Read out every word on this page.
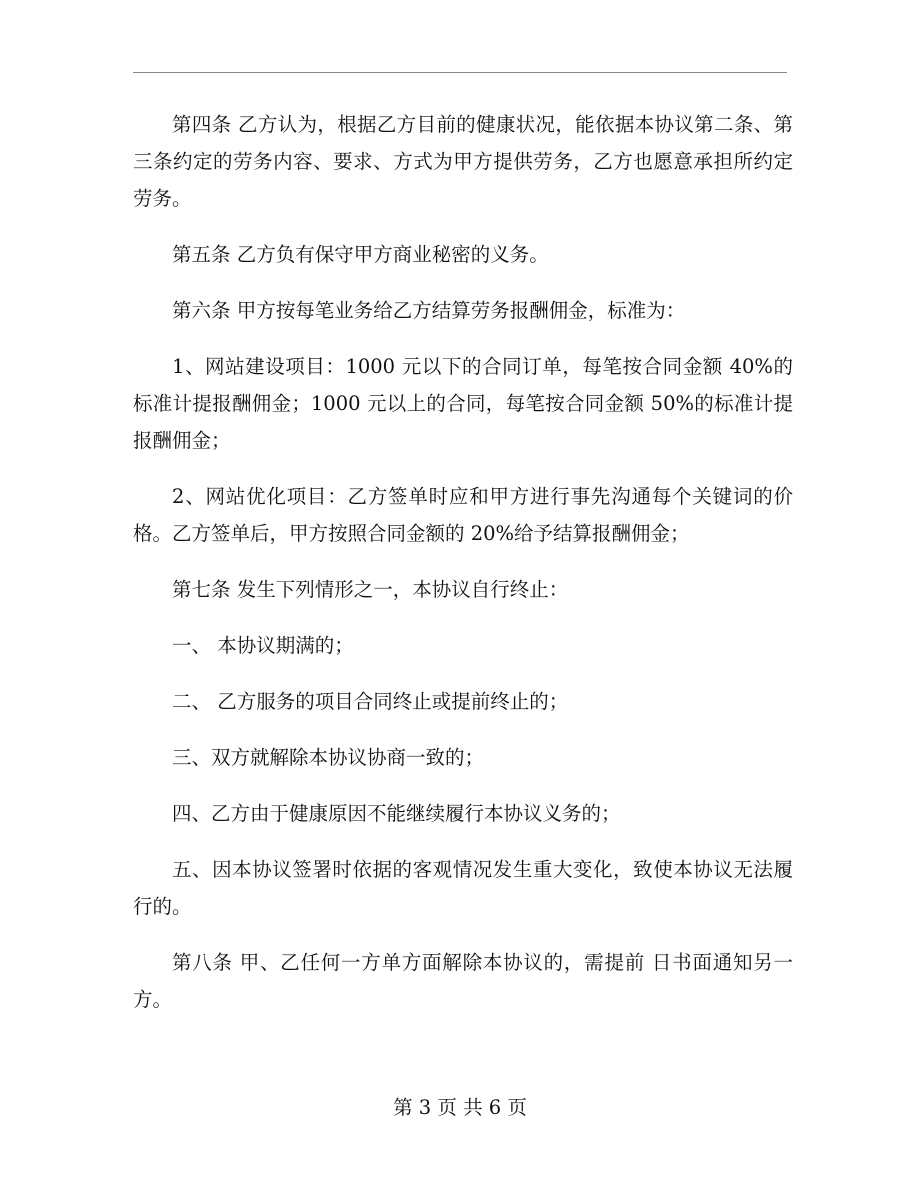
第四条 乙方认为，根据乙方目前的健康状况，能依据本协议第二条、第三条约定的劳务内容、要求、方式为甲方提供劳务，乙方也愿意承担所约定劳务。

第五条 乙方负有保守甲方商业秘密的义务。

第六条 甲方按每笔业务给乙方结算劳务报酬佣金，标准为：

1、网站建设项目：1000 元以下的合同订单，每笔按合同金额 40%的标准计提报酬佣金；1000 元以上的合同，每笔按合同金额 50%的标准计提报酬佣金；

2、网站优化项目：乙方签单时应和甲方进行事先沟通每个关键词的价格。乙方签单后，甲方按照合同金额的 20%给予结算报酬佣金；

第七条 发生下列情形之一，本协议自行终止：

一、 本协议期满的；

二、 乙方服务的项目合同终止或提前终止的；

三、双方就解除本协议协商一致的；

四、乙方由于健康原因不能继续履行本协议义务的；

五、因本协议签署时依据的客观情况发生重大变化，致使本协议无法履行的。

第八条 甲、乙任何一方单方面解除本协议的，需提前 日书面通知另一方。

第 3 页 共 6 页
